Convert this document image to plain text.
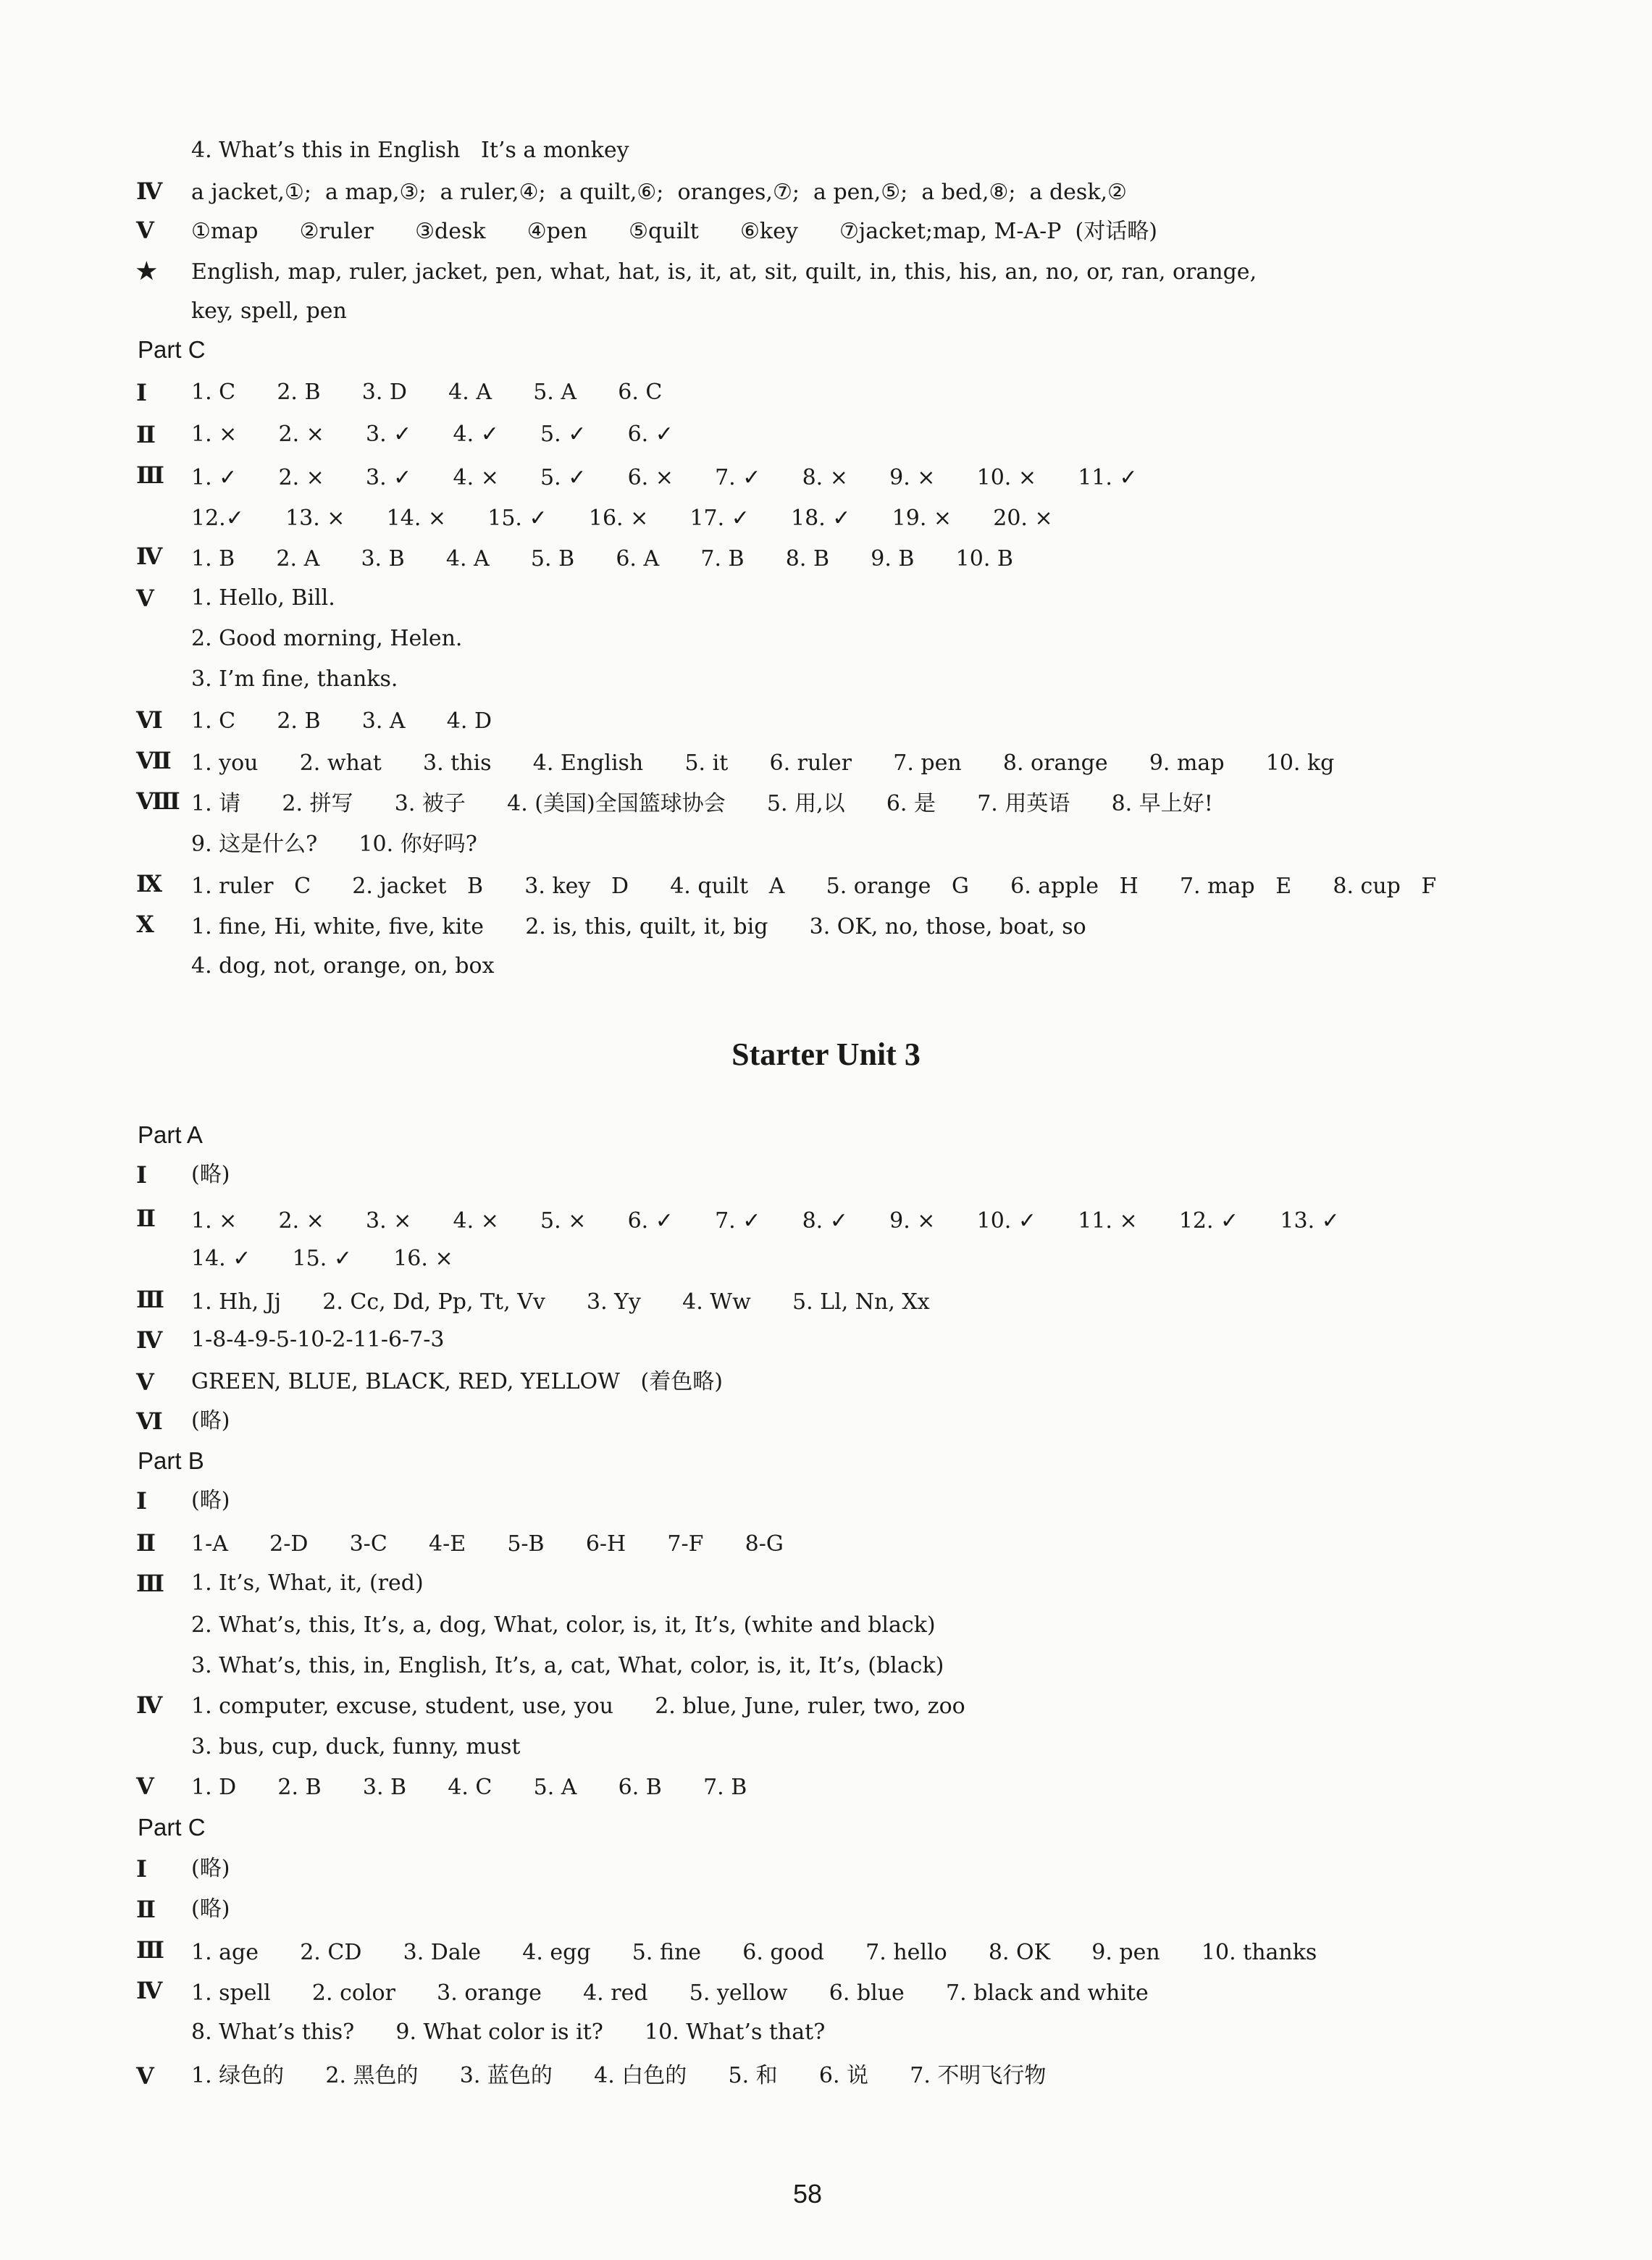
4. What’s this in English   It’s a monkey
Ⅳ a jacket,①;  a map,③;  a ruler,④;  a quilt,⑥;  oranges,⑦;  a pen,⑤;  a bed,⑧;  a desk,②
Ⅴ ①map      ②ruler      ③desk      ④pen      ⑤quilt      ⑥key      ⑦jacket;map, M-A-P  (对话略)
★ English, map, ruler, jacket, pen, what, hat, is, it, at, sit, quilt, in, this, his, an, no, or, ran, orange,
key, spell, pen
Part C
Ⅰ 1. C      2. B      3. D      4. A      5. A      6. C
Ⅱ 1. ×      2. ×      3. ✓      4. ✓      5. ✓      6. ✓
Ⅲ 1. ✓      2. ×      3. ✓      4. ×      5. ✓      6. ×      7. ✓      8. ×      9. ×      10. ×      11. ✓
12.✓      13. ×      14. ×      15. ✓      16. ×      17. ✓      18. ✓      19. ×      20. ×
Ⅳ 1. B      2. A      3. B      4. A      5. B      6. A      7. B      8. B      9. B      10. B
Ⅴ 1. Hello, Bill.
2. Good morning, Helen.
3. I’m fine, thanks.
Ⅵ 1. C      2. B      3. A      4. D
Ⅶ 1. you      2. what      3. this      4. English      5. it      6. ruler      7. pen      8. orange      9. map      10. kg
Ⅷ 1. 请      2. 拼写      3. 被子      4. (美国)全国篮球协会      5. 用,以      6. 是      7. 用英语      8. 早上好!
9. 这是什么?      10. 你好吗?
Ⅸ 1. ruler   C      2. jacket   B      3. key   D      4. quilt   A      5. orange   G      6. apple   H      7. map   E      8. cup   F
Ⅹ 1. fine, Hi, white, five, kite      2. is, this, quilt, it, big      3. OK, no, those, boat, so
4. dog, not, orange, on, box
Starter Unit 3
Part A
Ⅰ (略)
Ⅱ 1. ×      2. ×      3. ×      4. ×      5. ×      6. ✓      7. ✓      8. ✓      9. ×      10. ✓      11. ×      12. ✓      13. ✓
14. ✓      15. ✓      16. ×
Ⅲ 1. Hh, Jj      2. Cc, Dd, Pp, Tt, Vv      3. Yy      4. Ww      5. Ll, Nn, Xx
Ⅳ 1-8-4-9-5-10-2-11-6-7-3
Ⅴ GREEN, BLUE, BLACK, RED, YELLOW   (着色略)
Ⅵ (略)
Part B
Ⅰ (略)
Ⅱ 1-A      2-D      3-C      4-E      5-B      6-H      7-F      8-G
Ⅲ 1. It’s, What, it, (red)
2. What’s, this, It’s, a, dog, What, color, is, it, It’s, (white and black)
3. What’s, this, in, English, It’s, a, cat, What, color, is, it, It’s, (black)
Ⅳ 1. computer, excuse, student, use, you      2. blue, June, ruler, two, zoo
3. bus, cup, duck, funny, must
Ⅴ 1. D      2. B      3. B      4. C      5. A      6. B      7. B
Part C
Ⅰ (略)
Ⅱ (略)
Ⅲ 1. age      2. CD      3. Dale      4. egg      5. fine      6. good      7. hello      8. OK      9. pen      10. thanks
Ⅳ 1. spell      2. color      3. orange      4. red      5. yellow      6. blue      7. black and white
8. What’s this?      9. What color is it?      10. What’s that?
Ⅴ 1. 绿色的      2. 黑色的      3. 蓝色的      4. 白色的      5. 和      6. 说      7. 不明飞行物
58
